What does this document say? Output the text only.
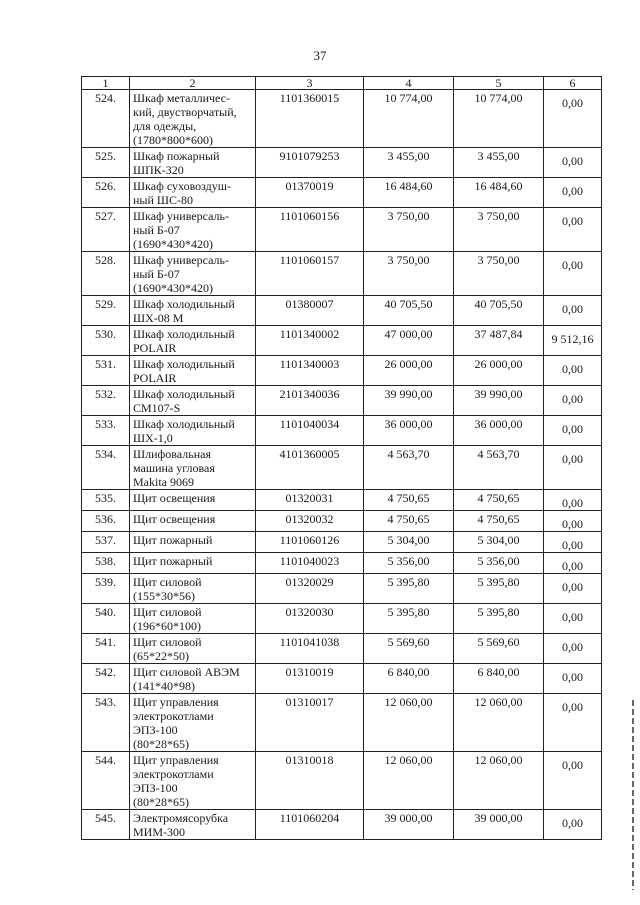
37
1	2	3	4	5	6
524.	Шкаф металличес-
кий, двустворчатый,
для одежды,
(1780*800*600)	1101360015	10 774,00	10 774,00	0,00
525.	Шкаф пожарный
ШПК-320	9101079253	3 455,00	3 455,00	0,00
526.	Шкаф суховоздуш-
ный ШС-80	01370019	16 484,60	16 484,60	0,00
527.	Шкаф универсаль-
ный Б-07
(1690*430*420)	1101060156	3 750,00	3 750,00	0,00
528.	Шкаф универсаль-
ный Б-07
(1690*430*420)	1101060157	3 750,00	3 750,00	0,00
529.	Шкаф холодильный
ШХ-08 М	01380007	40 705,50	40 705,50	0,00
530.	Шкаф холодильный
POLAIR	1101340002	47 000,00	37 487,84	9 512,16
531.	Шкаф холодильный
POLAIR	1101340003	26 000,00	26 000,00	0,00
532.	Шкаф холодильный
CM107-S	2101340036	39 990,00	39 990,00	0,00
533.	Шкаф холодильный
ШХ-1,0	1101040034	36 000,00	36 000,00	0,00
534.	Шлифовальная
машина угловая
Makita 9069	4101360005	4 563,70	4 563,70	0,00
535.	Щит освещения	01320031	4 750,65	4 750,65	0,00
536.	Щит освещения	01320032	4 750,65	4 750,65	0,00
537.	Щит пожарный	1101060126	5 304,00	5 304,00	0,00
538.	Щит пожарный	1101040023	5 356,00	5 356,00	0,00
539.	Щит силовой
(155*30*56)	01320029	5 395,80	5 395,80	0,00
540.	Щит силовой
(196*60*100)	01320030	5 395,80	5 395,80	0,00
541.	Щит силовой
(65*22*50)	1101041038	5 569,60	5 569,60	0,00
542.	Щит силовой АВЭМ
(141*40*98)	01310019	6 840,00	6 840,00	0,00
543.	Щит управления
электрокотлами
ЭПЗ-100
(80*28*65)	01310017	12 060,00	12 060,00	0,00
544.	Щит управления
электрокотлами
ЭПЗ-100
(80*28*65)	01310018	12 060,00	12 060,00	0,00
545.	Электромясорубка
МИМ-300	1101060204	39 000,00	39 000,00	0,00
